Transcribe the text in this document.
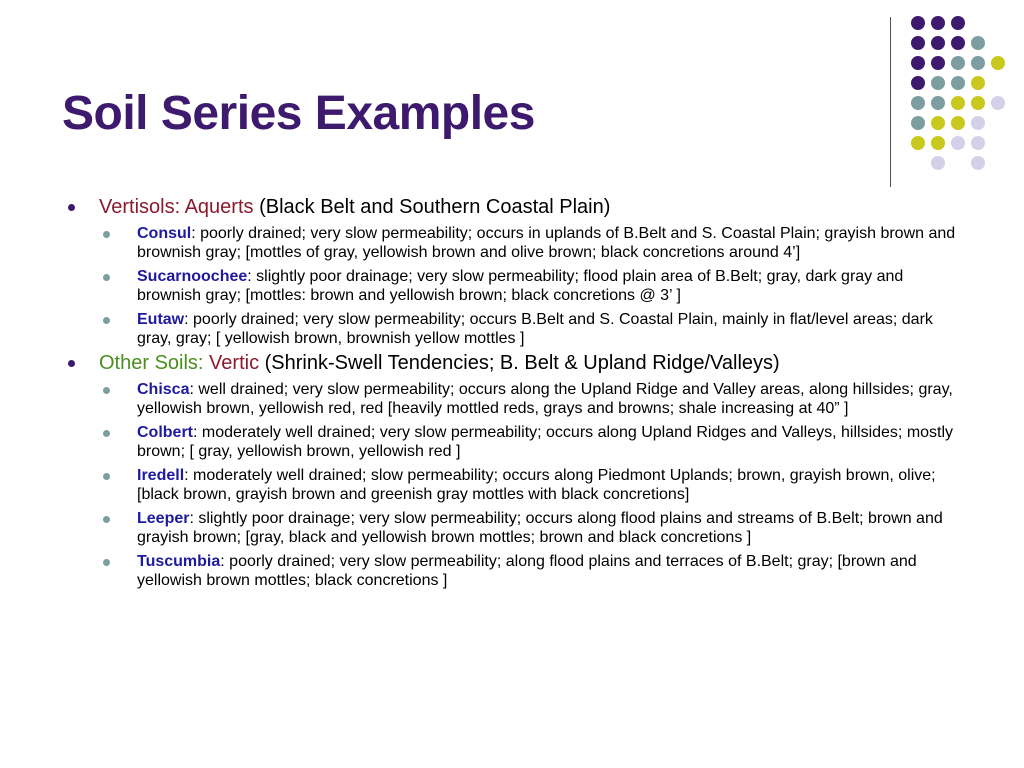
Soil Series Examples
Vertisols: Aquerts (Black Belt and Southern Coastal Plain)
Consul: poorly drained; very slow permeability; occurs in uplands of B.Belt and S. Coastal Plain; grayish brown and brownish gray; [mottles of gray, yellowish brown and olive brown; black concretions around 4’]
Sucarnoochee: slightly poor drainage; very slow permeability; flood plain area of B.Belt; gray, dark gray and brownish gray; [mottles: brown and yellowish brown; black concretions @ 3’ ]
Eutaw: poorly drained; very slow permeability; occurs B.Belt and S. Coastal Plain, mainly in flat/level areas; dark gray, gray; [ yellowish brown, brownish yellow mottles ]
Other Soils: Vertic (Shrink-Swell Tendencies; B. Belt & Upland Ridge/Valleys)
Chisca: well drained; very slow permeability; occurs along the Upland Ridge and Valley areas, along hillsides; gray, yellowish brown, yellowish red, red [heavily mottled reds, grays and browns; shale increasing at 40” ]
Colbert: moderately well drained; very slow permeability; occurs along Upland Ridges and Valleys, hillsides; mostly brown; [ gray, yellowish brown, yellowish red ]
Iredell: moderately well drained; slow permeability; occurs along Piedmont Uplands; brown, grayish brown, olive; [black brown, grayish brown and greenish gray mottles with black concretions]
Leeper: slightly poor drainage; very slow permeability; occurs along flood plains and streams of B.Belt; brown and grayish brown; [gray, black and yellowish brown mottles; brown and black concretions ]
Tuscumbia: poorly drained; very slow permeability; along flood plains and terraces of B.Belt; gray; [brown and yellowish brown mottles; black concretions ]
